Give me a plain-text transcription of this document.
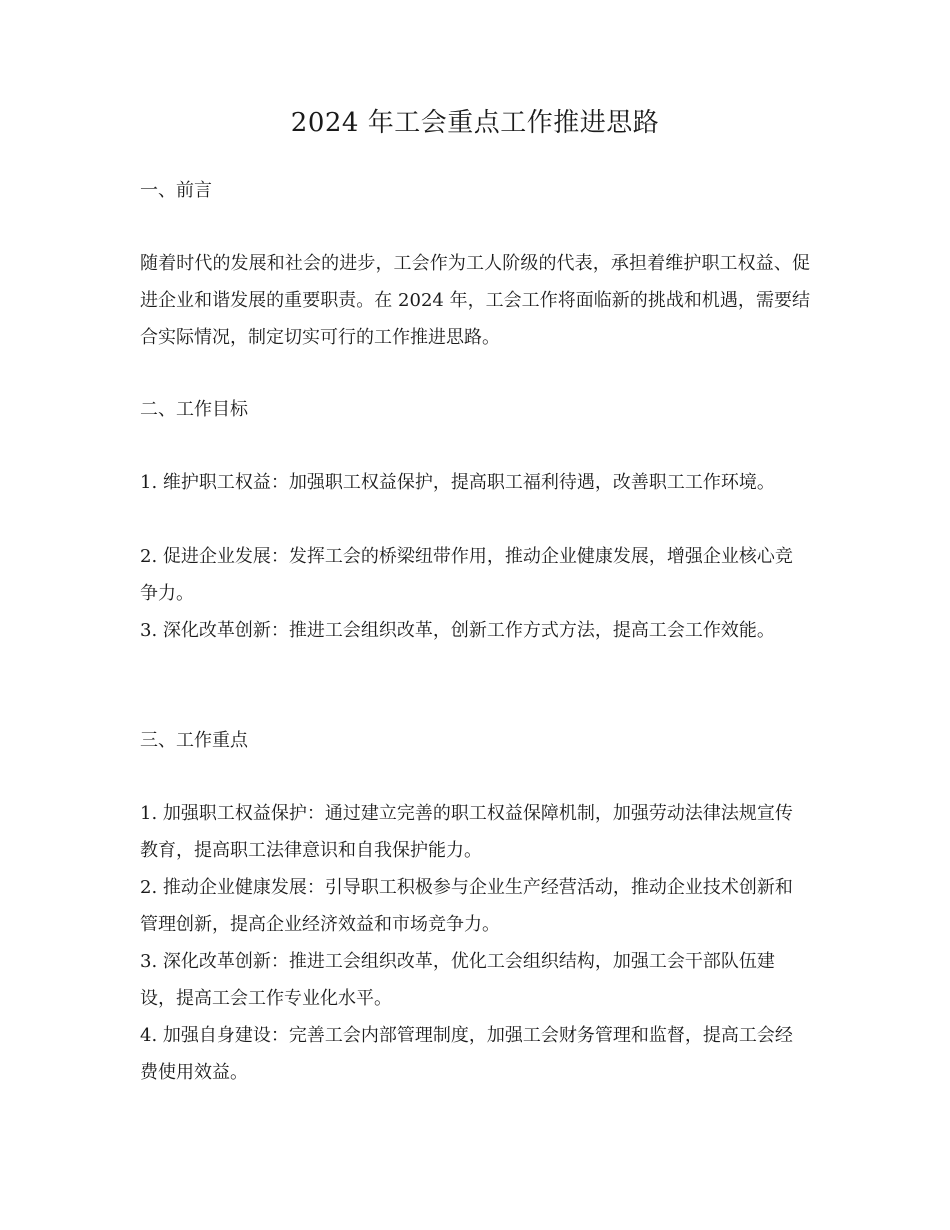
2024 年工会重点工作推进思路
一、前言
随着时代的发展和社会的进步，工会作为工人阶级的代表，承担着维护职工权益、促进企业和谐发展的重要职责。在 2024 年，工会工作将面临新的挑战和机遇，需要结合实际情况，制定切实可行的工作推进思路。
二、工作目标
1. 维护职工权益：加强职工权益保护，提高职工福利待遇，改善职工工作环境。
2. 促进企业发展：发挥工会的桥梁纽带作用，推动企业健康发展，增强企业核心竞争力。
3. 深化改革创新：推进工会组织改革，创新工作方式方法，提高工会工作效能。
三、工作重点
1. 加强职工权益保护：通过建立完善的职工权益保障机制，加强劳动法律法规宣传教育，提高职工法律意识和自我保护能力。
2. 推动企业健康发展：引导职工积极参与企业生产经营活动，推动企业技术创新和管理创新，提高企业经济效益和市场竞争力。
3. 深化改革创新：推进工会组织改革，优化工会组织结构，加强工会干部队伍建设，提高工会工作专业化水平。
4. 加强自身建设：完善工会内部管理制度，加强工会财务管理和监督，提高工会经费使用效益。
